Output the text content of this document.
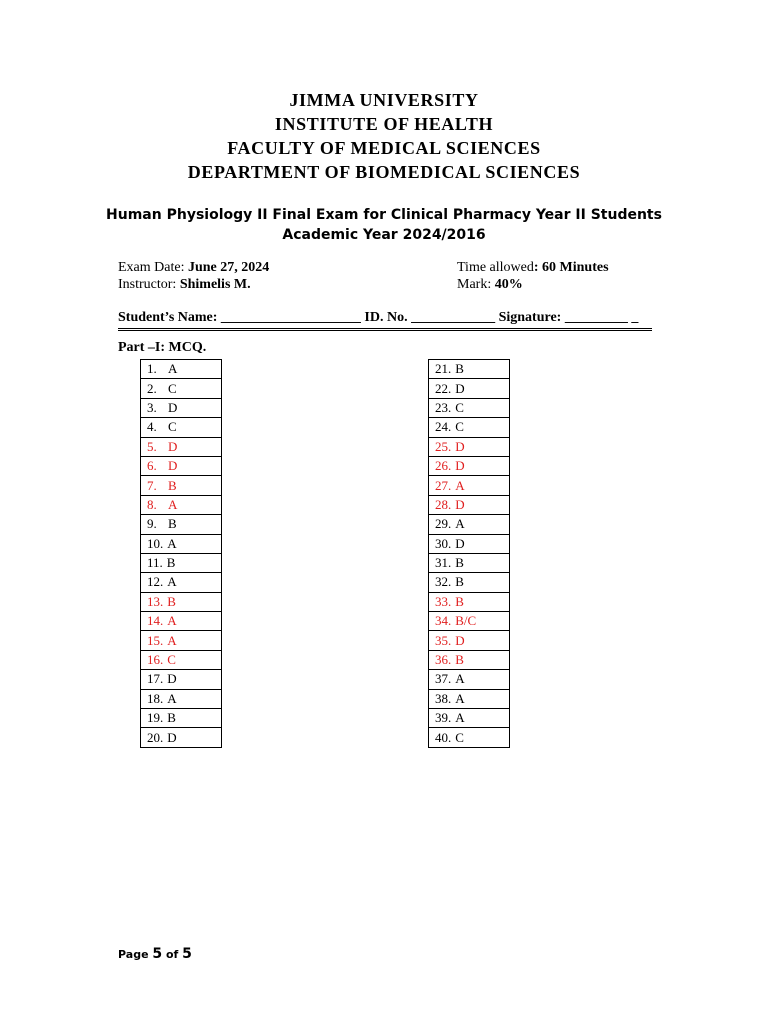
JIMMA UNIVERSITY
INSTITUTE OF HEALTH
FACULTY OF MEDICAL SCIENCES
DEPARTMENT OF BIOMEDICAL SCIENCES
Human Physiology II Final Exam for Clinical Pharmacy Year II Students
Academic Year 2024/2016
Exam Date: June 27, 2024
Instructor: Shimelis M.
Time allowed: 60 Minutes
Mark: 40%
Student’s Name: ____________________ ID. No. ____________ Signature: _________ _
Part –I: MCQ.
1. A
2. C
3. D
4. C
5. D
6. D
7. B
8. A
9. B
10. A
11. B
12. A
13. B
14. A
15. A
16. C
17. D
18. A
19. B
20. D
21. B
22. D
23. C
24. C
25. D
26. D
27. A
28. D
29. A
30. D
31. B
32. B
33. B
34. B/C
35. D
36. B
37. A
38. A
39. A
40. C
Page 5 of 5
